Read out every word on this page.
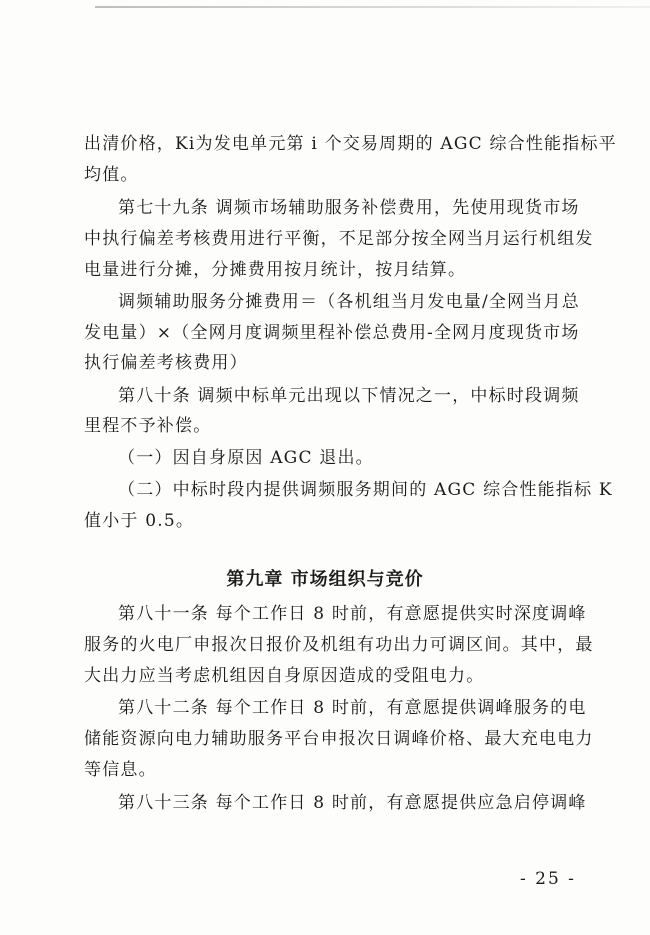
出清价格，Ki为发电单元第 i 个交易周期的 AGC 综合性能指标平
均值。
第七十九条 调频市场辅助服务补偿费用，先使用现货市场
中执行偏差考核费用进行平衡，不足部分按全网当月运行机组发
电量进行分摊，分摊费用按月统计，按月结算。
调频辅助服务分摊费用＝（各机组当月发电量/全网当月总
发电量）×（全网月度调频里程补偿总费用-全网月度现货市场
执行偏差考核费用）
第八十条 调频中标单元出现以下情况之一，中标时段调频
里程不予补偿。
（一）因自身原因 AGC 退出。
（二）中标时段内提供调频服务期间的 AGC 综合性能指标 K
值小于 0.5。
第九章 市场组织与竞价
第八十一条 每个工作日 8 时前，有意愿提供实时深度调峰
服务的火电厂申报次日报价及机组有功出力可调区间。其中，最
大出力应当考虑机组因自身原因造成的受阻电力。
第八十二条 每个工作日 8 时前，有意愿提供调峰服务的电
储能资源向电力辅助服务平台申报次日调峰价格、最大充电电力
等信息。
第八十三条 每个工作日 8 时前，有意愿提供应急启停调峰
- 25 -
